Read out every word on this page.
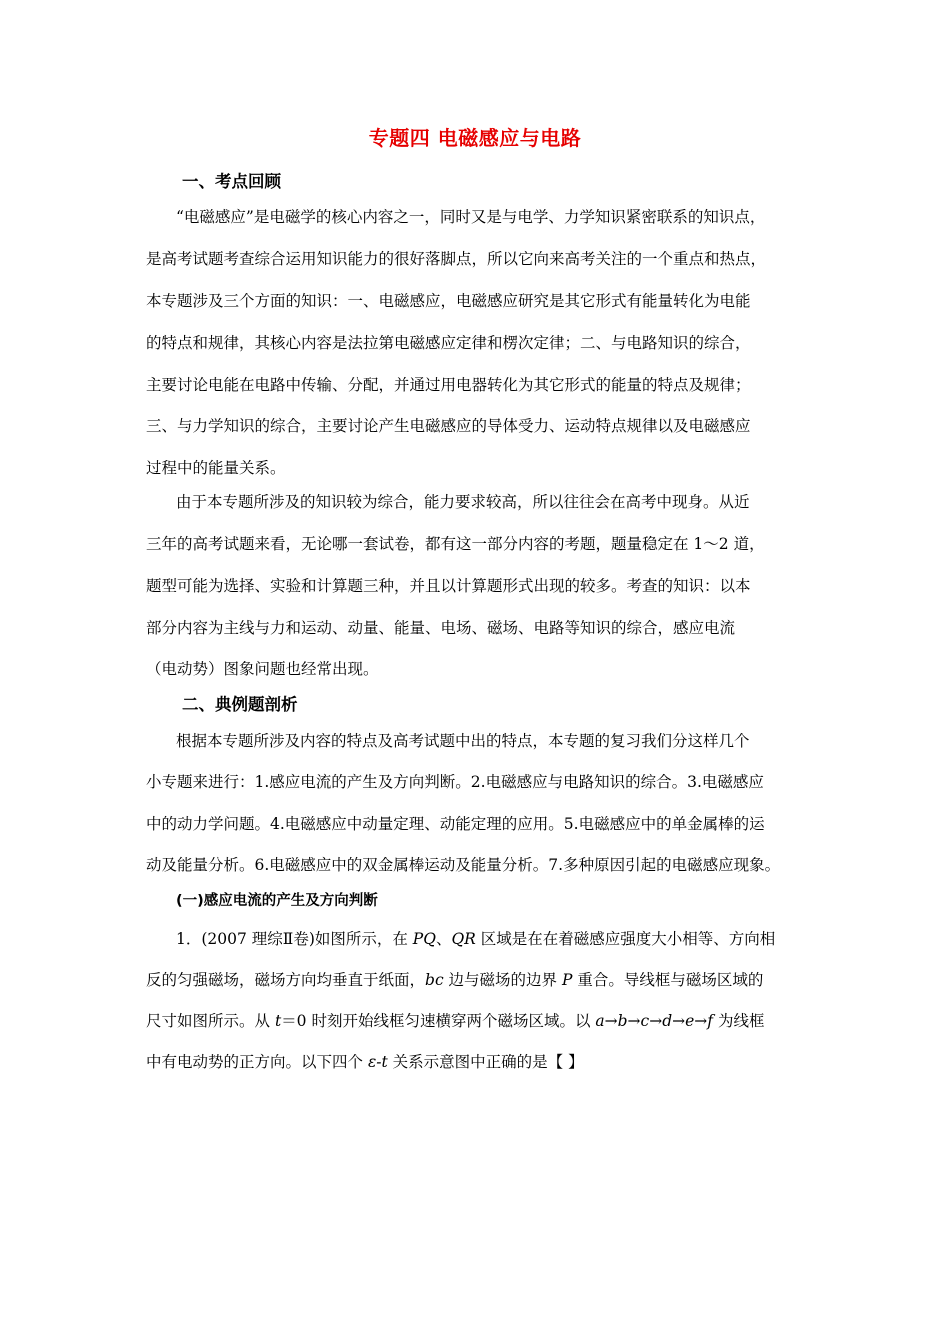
专题四 电磁感应与电路
一、考点回顾
“电磁感应”是电磁学的核心内容之一，同时又是与电学、力学知识紧密联系的知识点，
是高考试题考查综合运用知识能力的很好落脚点，所以它向来高考关注的一个重点和热点，
本专题涉及三个方面的知识：一、电磁感应，电磁感应研究是其它形式有能量转化为电能
的特点和规律，其核心内容是法拉第电磁感应定律和楞次定律；二、与电路知识的综合，
主要讨论电能在电路中传输、分配，并通过用电器转化为其它形式的能量的特点及规律；
三、与力学知识的综合，主要讨论产生电磁感应的导体受力、运动特点规律以及电磁感应
过程中的能量关系。
由于本专题所涉及的知识较为综合，能力要求较高，所以往往会在高考中现身。从近
三年的高考试题来看，无论哪一套试卷，都有这一部分内容的考题，题量稳定在 1～2 道，
题型可能为选择、实验和计算题三种，并且以计算题形式出现的较多。考查的知识：以本
部分内容为主线与力和运动、动量、能量、电场、磁场、电路等知识的综合，感应电流
（电动势）图象问题也经常出现。
二、典例题剖析
根据本专题所涉及内容的特点及高考试题中出的特点，本专题的复习我们分这样几个
小专题来进行：1.感应电流的产生及方向判断。2.电磁感应与电路知识的综合。3.电磁感应
中的动力学问题。4.电磁感应中动量定理、动能定理的应用。5.电磁感应中的单金属棒的运
动及能量分析。6.电磁感应中的双金属棒运动及能量分析。7.多种原因引起的电磁感应现象。
(一)感应电流的产生及方向判断
1．(2007 理综Ⅱ卷)如图所示，在 PQ、QR 区域是在在着磁感应强度大小相等、方向相
反的匀强磁场，磁场方向均垂直于纸面，bc 边与磁场的边界 P 重合。导线框与磁场区域的
尺寸如图所示。从 t＝0 时刻开始线框匀速横穿两个磁场区域。以 a→b→c→d→e→f 为线框
中有电动势的正方向。以下四个 ε-t 关系示意图中正确的是【 】
